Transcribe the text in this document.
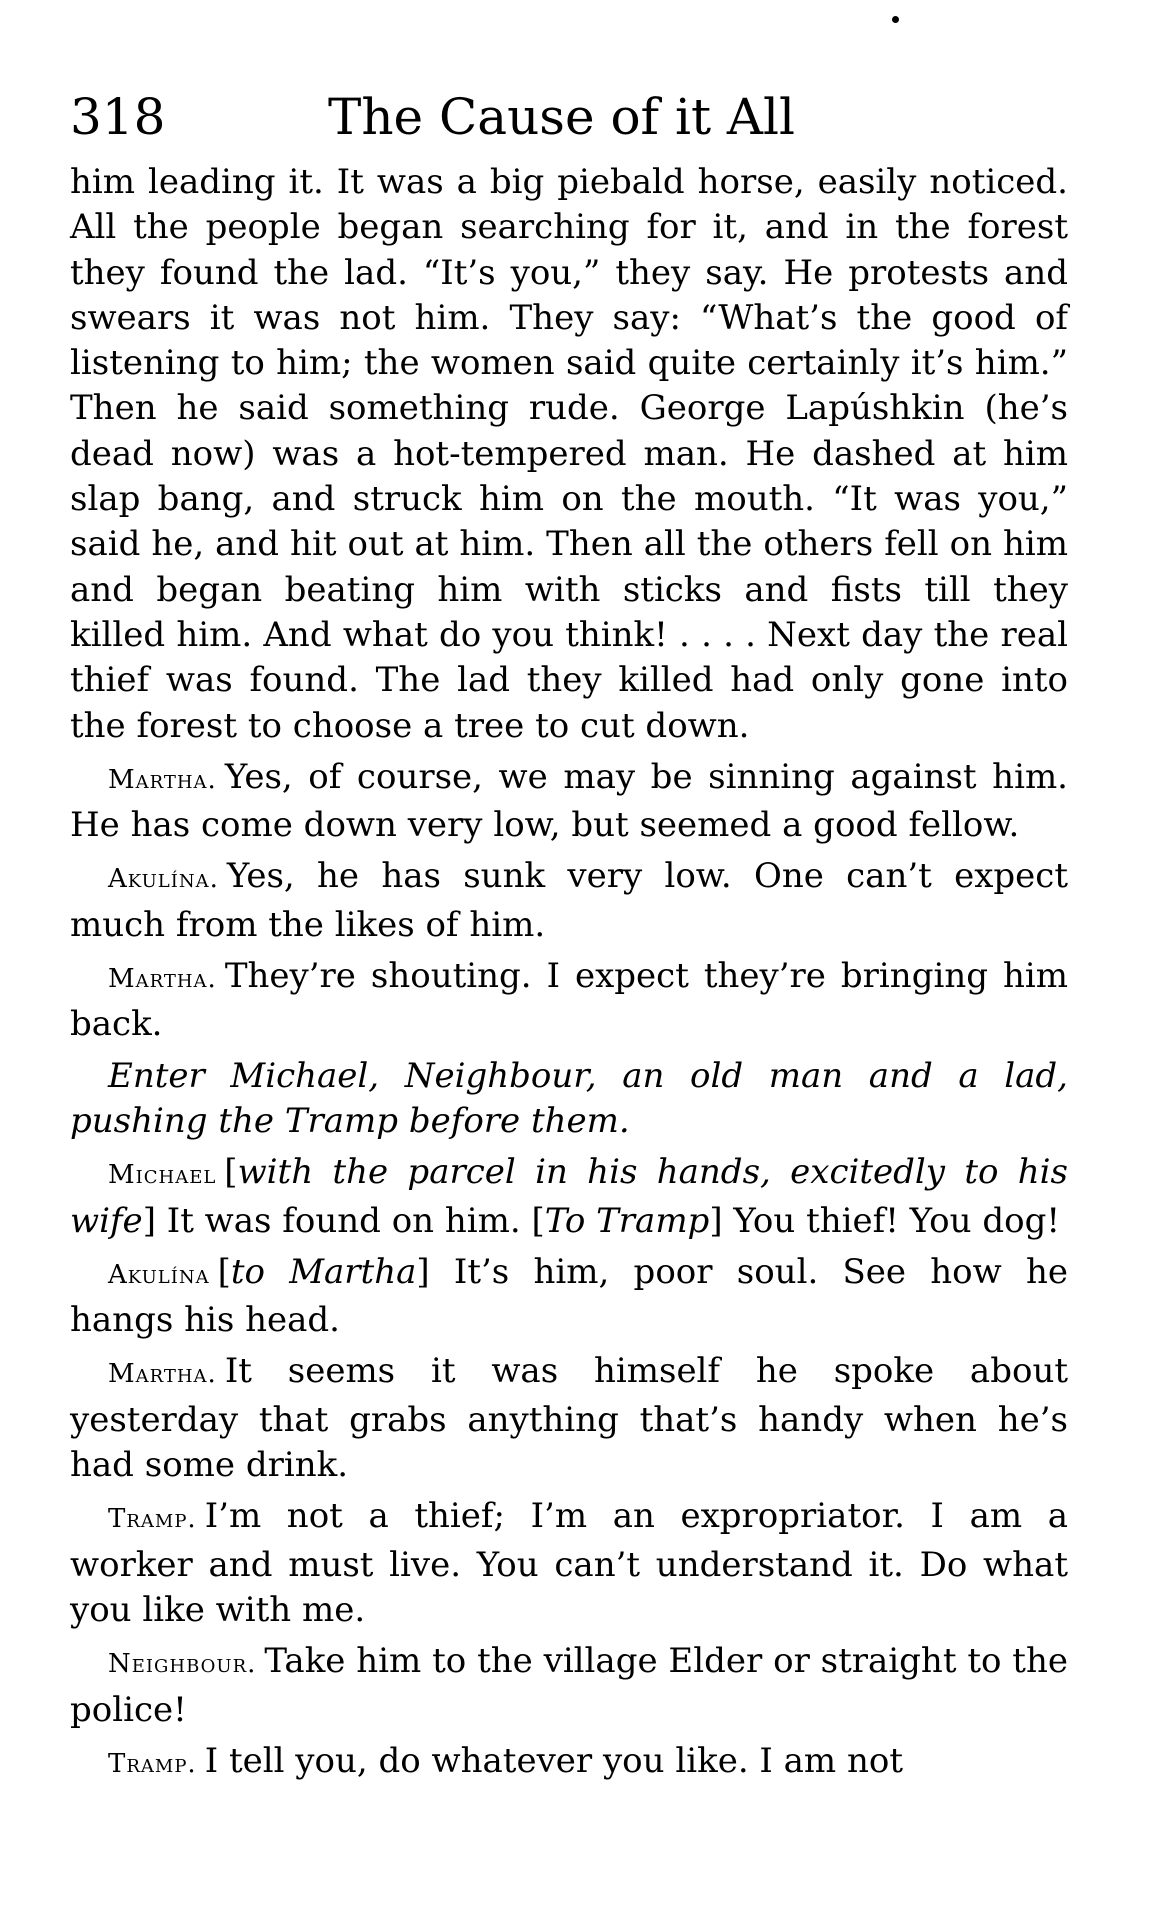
318	The Cause of it All

him leading it. It was a big piebald horse, easily noticed. All the people began searching for it, and in the forest they found the lad. “It’s you,” they say. He protests and swears it was not him. They say: “What’s the good of listening to him; the women said quite certainly it’s him.” Then he said something rude. George Lapúshkin (he’s dead now) was a hot-tempered man. He dashed at him slap bang, and struck him on the mouth. “It was you,” said he, and hit out at him. Then all the others fell on him and began beating him with sticks and fists till they killed him. And what do you think! . . . . Next day the real thief was found. The lad they killed had only gone into the forest to choose a tree to cut down.

Martha. Yes, of course, we may be sinning against him. He has come down very low, but seemed a good fellow.

Akulína. Yes, he has sunk very low. One can’t expect much from the likes of him.

Martha. They’re shouting. I expect they’re bringing him back.

Enter Michael, Neighbour, an old man and a lad, pushing the Tramp before them.

Michael [with the parcel in his hands, excitedly to his wife] It was found on him. [To Tramp] You thief! You dog!

Akulína [to Martha] It’s him, poor soul. See how he hangs his head.

Martha. It seems it was himself he spoke about yesterday that grabs anything that’s handy when he’s had some drink.

Tramp. I’m not a thief; I’m an expropriator. I am a worker and must live. You can’t understand it. Do what you like with me.

Neighbour. Take him to the village Elder or straight to the police!

Tramp. I tell you, do whatever you like. I am not
